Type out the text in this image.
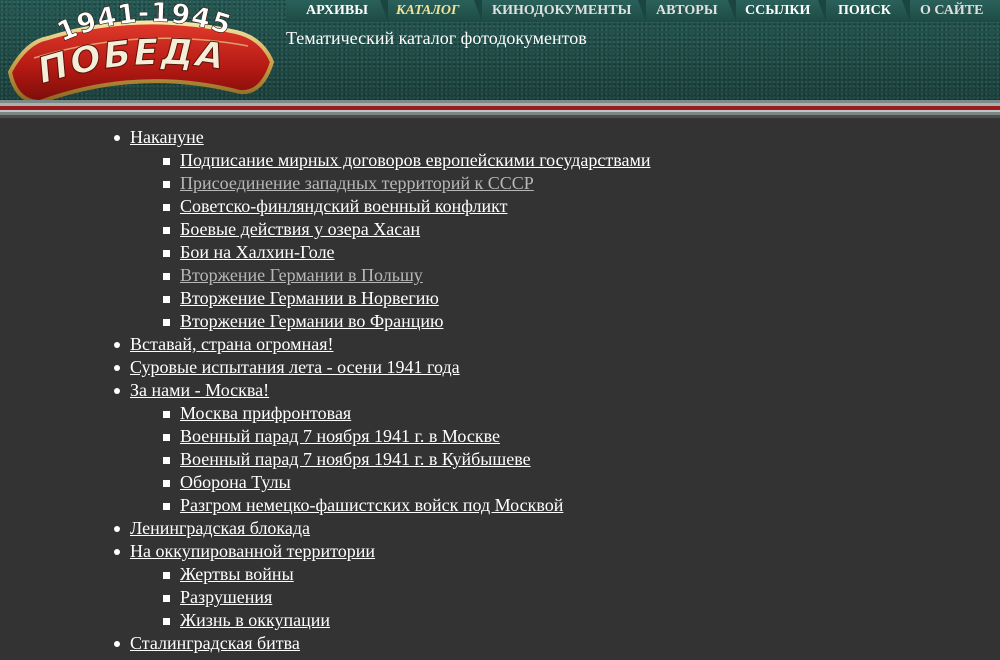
1941-1945
ПОБЕДА
АРХИВЫ КАТАЛОГ КИНОДОКУМЕНТЫ АВТОРЫ ССЫЛКИ ПОИСК О САЙТЕ
Тематический каталог фотодокументов
Накануне
Подписание мирных договоров европейскими государствами
Присоединение западных территорий к СССР
Советско-финляндский военный конфликт
Боевые действия у озера Хасан
Бои на Халхин-Голе
Вторжение Германии в Польшу
Вторжение Германии в Норвегию
Вторжение Германии во Францию
Вставай, страна огромная!
Суровые испытания лета - осени 1941 года
За нами - Москва!
Москва прифронтовая
Военный парад 7 ноября 1941 г. в Москве
Военный парад 7 ноября 1941 г. в Куйбышеве
Оборона Тулы
Разгром немецко-фашистских войск под Москвой
Ленинградская блокада
На оккупированной территории
Жертвы войны
Разрушения
Жизнь в оккупации
Сталинградская битва
